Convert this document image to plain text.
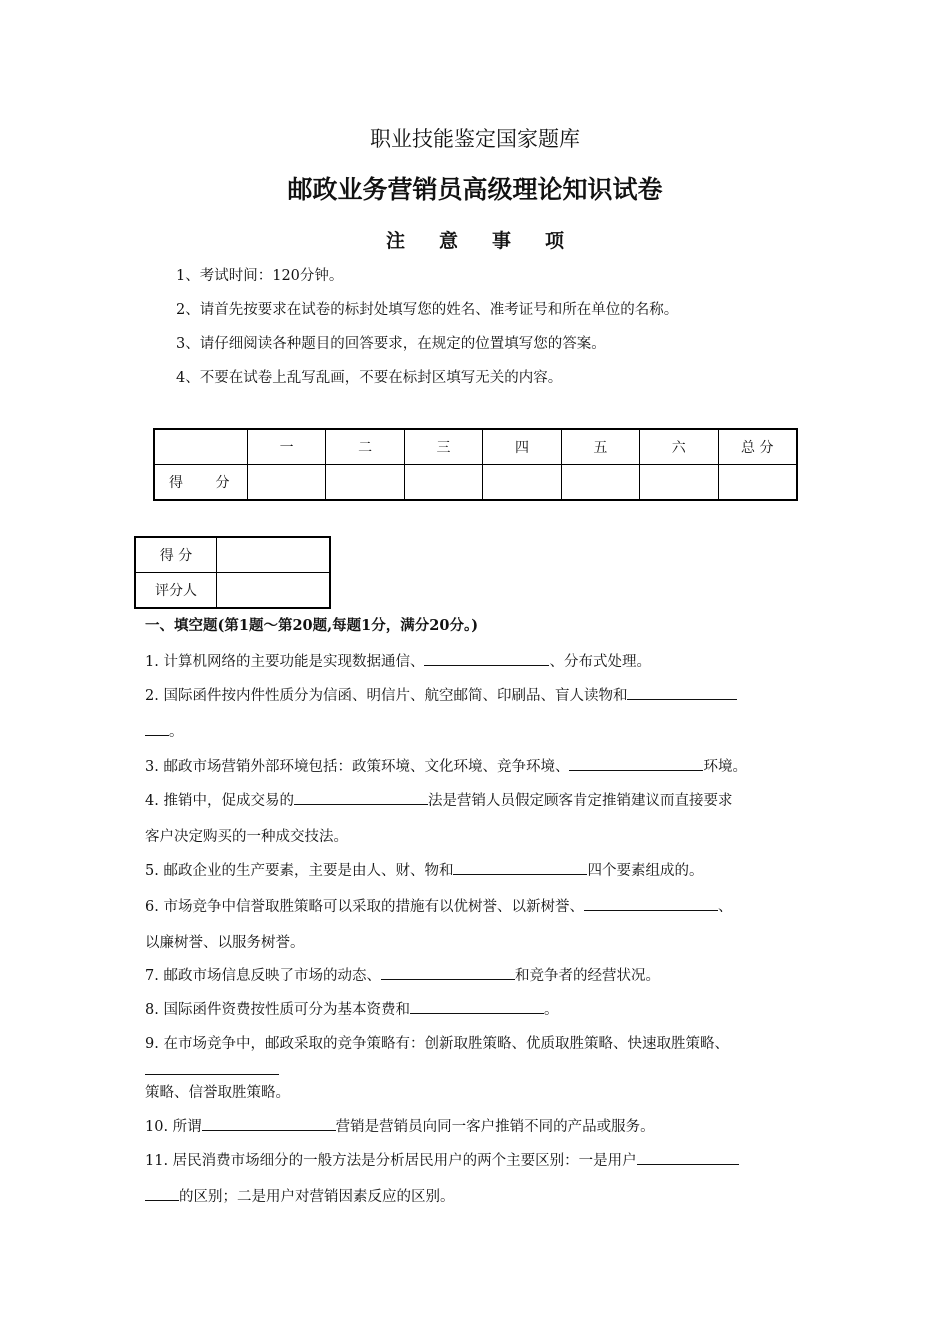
职业技能鉴定国家题库
邮政业务营销员高级理论知识试卷
注意事项
1、考试时间：120分钟。
2、请首先按要求在试卷的标封处填写您的姓名、准考证号和所在单位的名称。
3、请仔细阅读各种题目的回答要求，在规定的位置填写您的答案。
4、不要在试卷上乱写乱画，不要在标封区填写无关的内容。
	一	二	三	四	五	六	总 分
得 分							
得 分	
评分人	
一、填空题(第1题～第20题,每题1分，满分20分。)
1. 计算机网络的主要功能是实现数据通信、	、分布式处理。
2. 国际函件按内件性质分为信函、明信片、航空邮简、印刷品、盲人读物和
。
3. 邮政市场营销外部环境包括：政策环境、文化环境、竞争环境、	环境。
4. 推销中，促成交易的	法是营销人员假定顾客肯定推销建议而直接要求
客户决定购买的一种成交技法。
5. 邮政企业的生产要素，主要是由人、财、物和	四个要素组成的。
6. 市场竞争中信誉取胜策略可以采取的措施有以优树誉、以新树誉、	、
以廉树誉、以服务树誉。
7. 邮政市场信息反映了市场的动态、	和竞争者的经营状况。
8. 国际函件资费按性质可分为基本资费和	。
9. 在市场竞争中，邮政采取的竞争策略有：创新取胜策略、优质取胜策略、快速取胜策略、
策略、信誉取胜策略。
10. 所谓	营销是营销员向同一客户推销不同的产品或服务。
11. 居民消费市场细分的一般方法是分析居民用户的两个主要区别：一是用户
的区别；二是用户对营销因素反应的区别。
